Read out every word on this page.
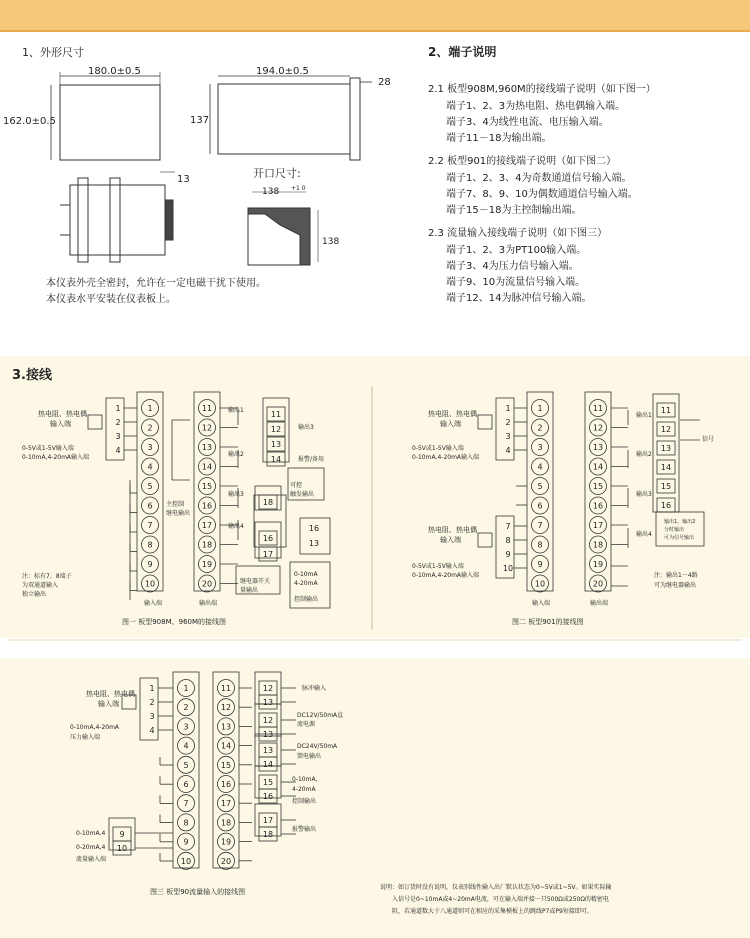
1、外形尺寸
180.0±0.5
162.0±0.5
194.0±0.5
28
137
13	开口尺寸:
138
138
+1 0
本仪表外壳全密封，允许在一定电磁干扰下使用。
本仪表水平安装在仪表板上。
2、端子说明
2.1 板型908M,960M的接线端子说明（如下图一）
端子1、2、3为热电阻、热电偶输入端。
端子3、4为线性电流、电压输入端。
端子11－18为输出端。
2.2 板型901的接线端子说明（如下图二）
端子1、2、3、4为奇数通道信号输入端。
端子7、8、9、10为偶数通道信号输入端。
端子15－18为主控制输出端。
2.3 流量输入接线端子说明（如下图三）
端子1、2、3为PT100输入端。
端子3、4为压力信号输入端。
端子9、10为流量信号输入端。
端子12、14为脉冲信号输入端。
3.接线
1
2
3
4
5
6
7
8
9
10
11
12
13
14
15
16
17
18
19
20
1
2
3
4
11
12
13
14
18
16
17
16
13
1
2
3
4
5
6
7
8
9
10
11
12
13
14
15
16
17
18
19
20
1
2
3
4
7
8
9
10
11
12
13
14
15
16
1
2
3
4
5
6
7
8
9
10
11
12
13
14
15
16
17
18
19
20
1
2
3
4
9
10
12
13
12
13
13
14
15
16
17
18
热电阻、热电偶
输入端
0-5V或1-5V输入端
0-10mA,4-20mA输入端
注：标有7、8端子
为双通道输入
独立输出
输出1
输出2
主控制
继电输出
输出3
输出4
输出3
报警/备用
可控
触发输出
继电器开关
量输出
0-10mA
4-20mA
控制输出
输入端	输出端
图一 板型908M、960M的接线图
热电阻、热电偶
输入端
0-5V或1-5V输入端
0-10mA,4-20mA输入端
热电阻、热电偶
输入端
0-5V或1-5V输入端
0-10mA,4-20mA输入端
输出1
输出2
输出3
输出4
信号
输出1、输出2
分时输出
可为信号输出
注：输出1－4路
可为继电器输出
输入端	输出端
图二 板型901的接线图
热电阻、热电偶
输入端
0-10mA,4-20mA
压力输入端
0-10mA,4
0-20mA,4
流量输入端
脉冲输入
DC12V/50mA直
流电源
DC24V/50mA
馈电输出
0-10mA,
4-20mA
控制输出
报警输出
图三 板型90流量输入的接线图
说明：如订货时没有说明，仪表别线性输入出厂默认状态为0~5V或1~5V。如果实际输
入信号是0~10mA或4~20mA电流，可在输入端并接一只500Ω或250Ω的精密电
阻，若通道数大于八通道则可在相应的采集模板上的跳线P7或P9短接即可。
